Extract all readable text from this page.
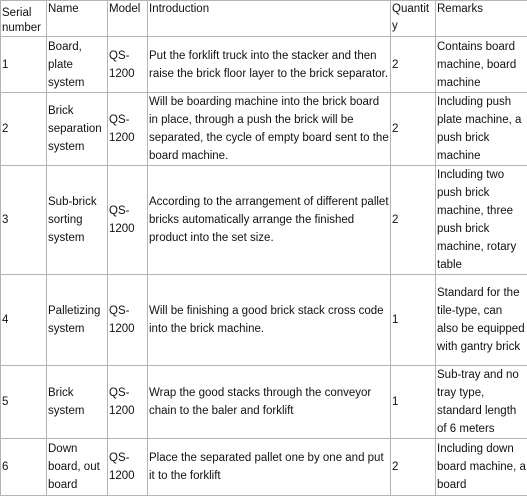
Serial number	Name	Model	Introduction	Quantity	Remarks
1	Board, plate system	QS-1200	Put the forklift truck into the stacker and then raise the brick floor layer to the brick separator.	2	Contains board machine, board machine
2	Brick separation system	QS-1200	Will be boarding machine into the brick board in place, through a push the brick will be separated, the cycle of empty board sent to the board machine.	2	Including push plate machine, a push brick machine
3	Sub-brick sorting system	QS-1200	According to the arrangement of different pallet bricks automatically arrange the finished product into the set size.	2	Including two push brick machine, three push brick machine, rotary table
4	Palletizing system	QS-1200	Will be finishing a good brick stack cross code into the brick machine.	1	Standard for the tile-type, can also be equipped with gantry brick
5	Brick system	QS-1200	Wrap the good stacks through the conveyor chain to the baler and forklift	1	Sub-tray and no tray type, standard length of 6 meters
6	Down board, out board	QS-1200	Place the separated pallet one by one and put it to the forklift	2	Including down board machine, a board
